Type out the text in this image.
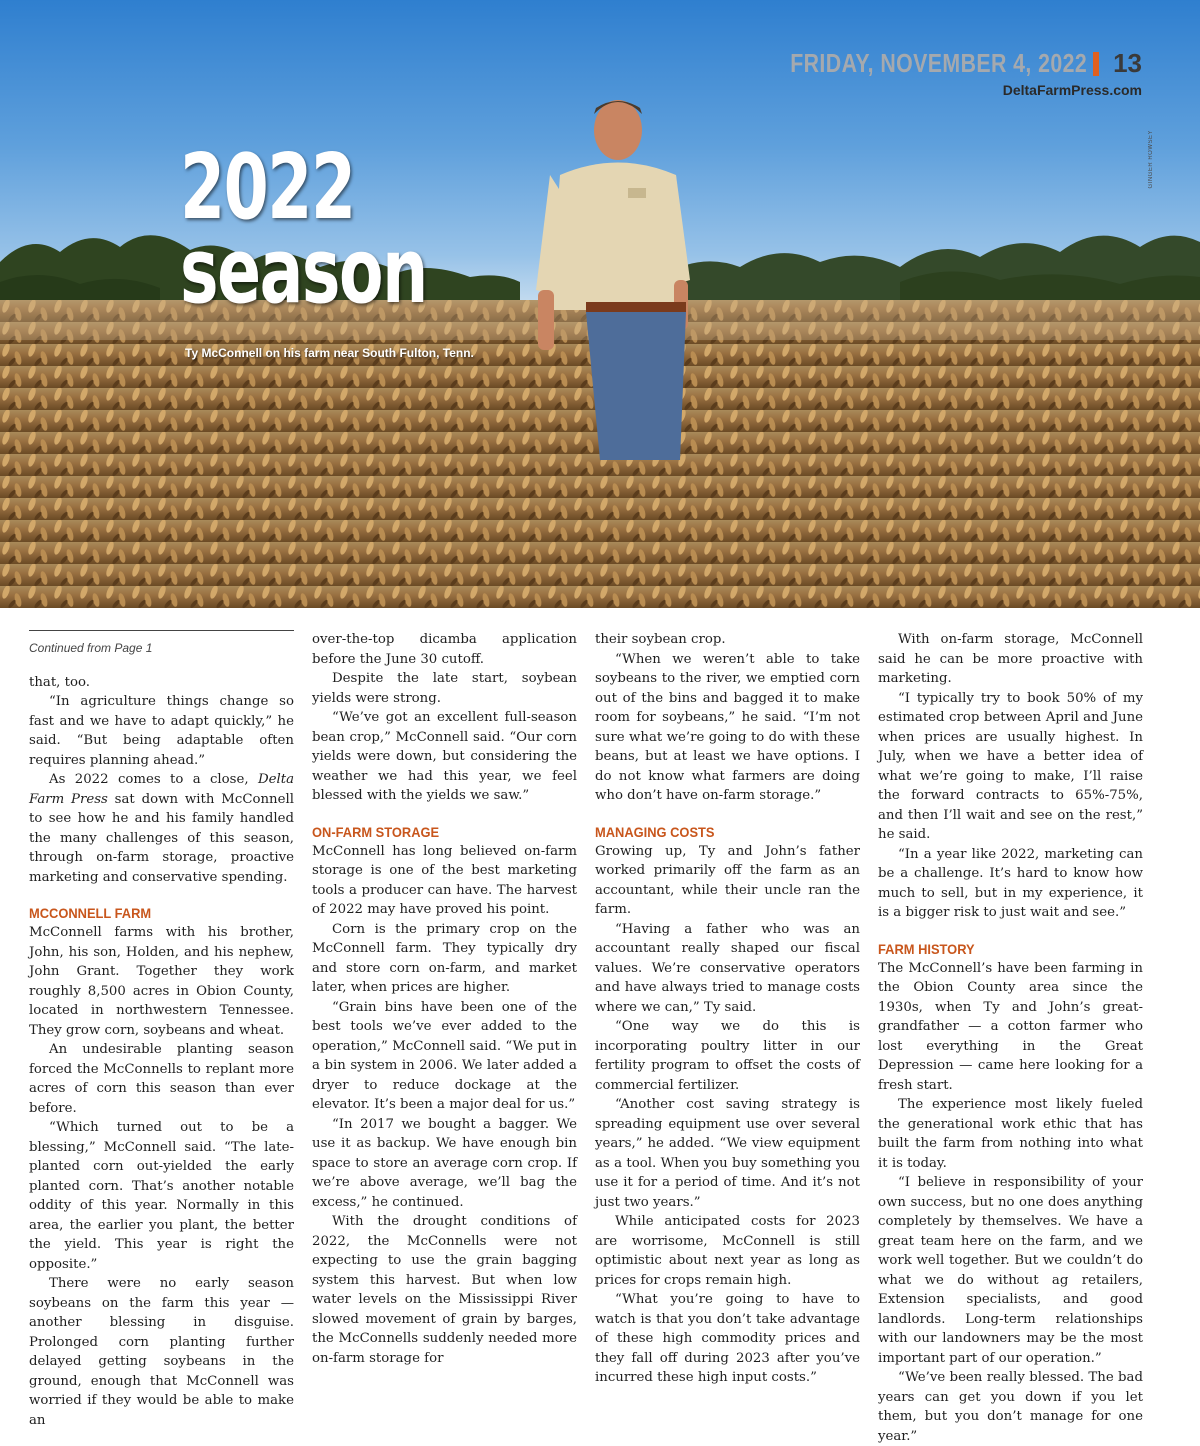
FRIDAY, NOVEMBER 4, 2022 13
DeltaFarmPress.com
GINGER ROWSEY
2022
season
Ty McConnell on his farm near South Fulton, Tenn.
Continued from Page 1

that, too.

“In agriculture things change so fast and we have to adapt quickly,” he said. “But being adaptable often requires planning ahead.”

As 2022 comes to a close, Delta Farm Press sat down with McConnell to see how he and his family handled the many challenges of this season, through on-farm storage, proactive marketing and conservative spending.

MCCONNELL FARM

McConnell farms with his brother, John, his son, Holden, and his nephew, John Grant. Together they work roughly 8,500 acres in Obion County, located in northwestern Tennessee. They grow corn, soybeans and wheat.

An undesirable planting season forced the McConnells to replant more acres of corn this season than ever before.

“Which turned out to be a blessing,” McConnell said. “The late-planted corn out-yielded the early planted corn. That’s another notable oddity of this year. Normally in this area, the earlier you plant, the better the yield. This year is right the opposite.”

There were no early season soybeans on the farm this year — another blessing in disguise. Prolonged corn planting further delayed getting soybeans in the ground, enough that McConnell was worried if they would be able to make an

over-the-top dicamba application before the June 30 cutoff.

Despite the late start, soybean yields were strong.

“We’ve got an excellent full-season bean crop,” McConnell said. “Our corn yields were down, but considering the weather we had this year, we feel blessed with the yields we saw.”

ON-FARM STORAGE

McConnell has long believed on-farm storage is one of the best marketing tools a producer can have. The harvest of 2022 may have proved his point.

Corn is the primary crop on the McConnell farm. They typically dry and store corn on-farm, and market later, when prices are higher.

“Grain bins have been one of the best tools we’ve ever added to the operation,” McConnell said. “We put in a bin system in 2006. We later added a dryer to reduce dockage at the elevator. It’s been a major deal for us.”

“In 2017 we bought a bagger. We use it as backup. We have enough bin space to store an average corn crop. If we’re above average, we’ll bag the excess,” he continued.

With the drought conditions of 2022, the McConnells were not expecting to use the grain bagging system this harvest. But when low water levels on the Mississippi River slowed movement of grain by barges, the McConnells suddenly needed more on-farm storage for

their soybean crop.

“When we weren’t able to take soybeans to the river, we emptied corn out of the bins and bagged it to make room for soybeans,” he said. “I’m not sure what we’re going to do with these beans, but at least we have options. I do not know what farmers are doing who don’t have on-farm storage.”

MANAGING COSTS

Growing up, Ty and John’s father worked primarily off the farm as an accountant, while their uncle ran the farm.

“Having a father who was an accountant really shaped our fiscal values. We’re conservative operators and have always tried to manage costs where we can,” Ty said.

“One way we do this is incorporating poultry litter in our fertility program to offset the costs of commercial fertilizer.

“Another cost saving strategy is spreading equipment use over several years,” he added. “We view equipment as a tool. When you buy something you use it for a period of time. And it’s not just two years.”

While anticipated costs for 2023 are worrisome, McConnell is still optimistic about next year as long as prices for crops remain high.

“What you’re going to have to watch is that you don’t take advantage of these high commodity prices and they fall off during 2023 after you’ve incurred these high input costs.”

With on-farm storage, McConnell said he can be more proactive with marketing.

“I typically try to book 50% of my estimated crop between April and June when prices are usually highest. In July, when we have a better idea of what we’re going to make, I’ll raise the forward contracts to 65%-75%, and then I’ll wait and see on the rest,” he said.

“In a year like 2022, marketing can be a challenge. It’s hard to know how much to sell, but in my experience, it is a bigger risk to just wait and see.”

FARM HISTORY

The McConnell’s have been farming in the Obion County area since the 1930s, when Ty and John’s great-grandfather — a cotton farmer who lost everything in the Great Depression — came here looking for a fresh start.

The experience most likely fueled the generational work ethic that has built the farm from nothing into what it is today.

“I believe in responsibility of your own success, but no one does anything completely by themselves. We have a great team here on the farm, and we work well together. But we couldn’t do what we do without ag retailers, Extension specialists, and good landlords. Long-term relationships with our landowners may be the most important part of our operation.”

“We’ve been really blessed. The bad years can get you down if you let them, but you don’t manage for one year.”
